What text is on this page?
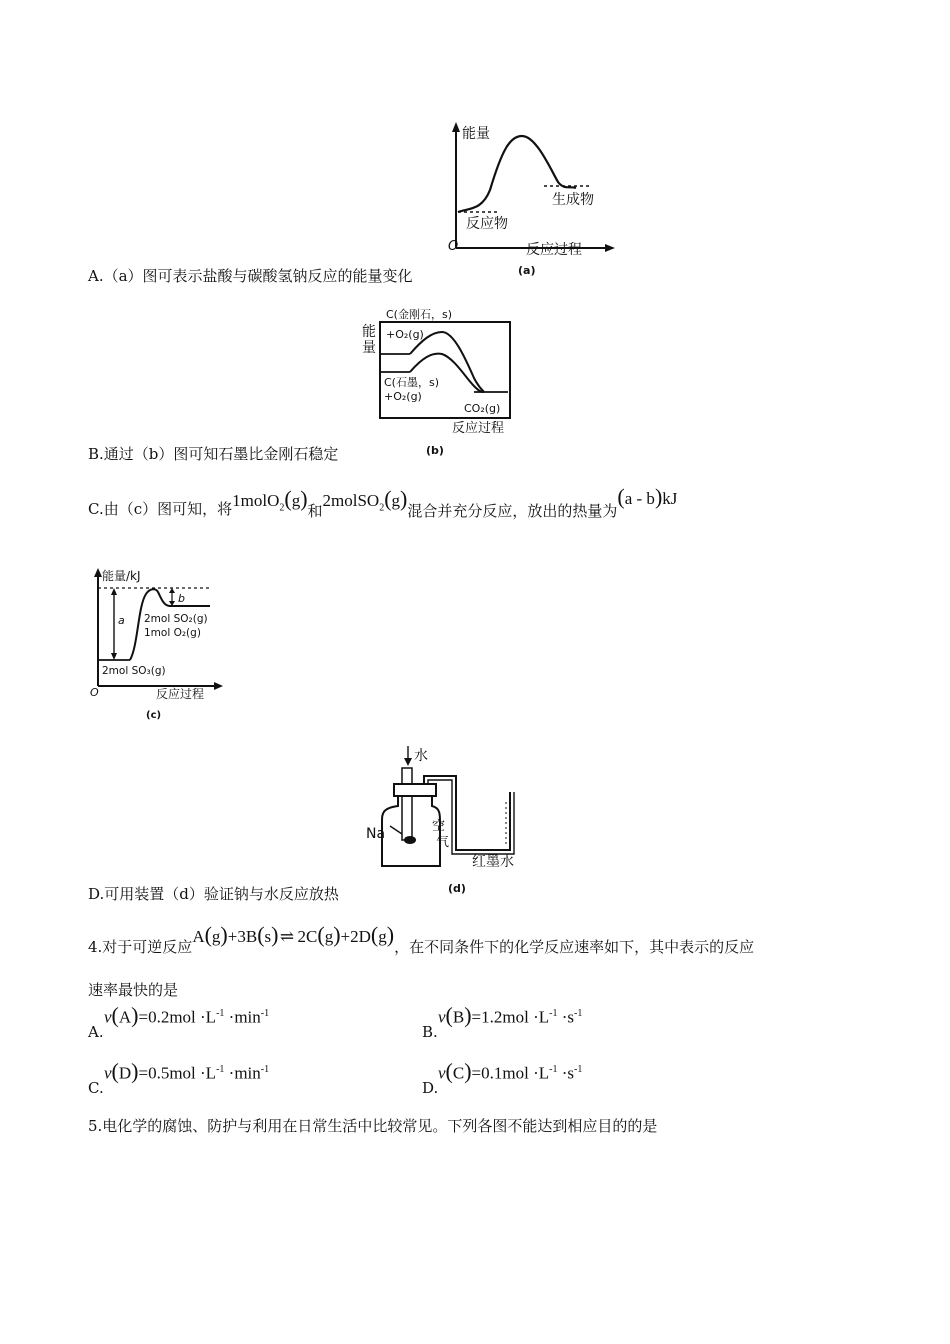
能量
生成物
反应物
O	反应过程
(a)
A.（a）图可表示盐酸与碳酸氢钠反应的能量变化
能
量
C(金刚石，s)
+O₂(g)
C(石墨，s)
+O₂(g)
CO₂(g)
反应过程
(b)
B.通过（b）图可知石墨比金刚石稳定
C.由（c）图可知，将1molO$_2$(g)和2molSO$_2$(g)混合并充分反应，放出的热量为(a - b)kJ
能量/kJ
a
b
2mol SO₂(g)
1mol O₂(g)
2mol SO₃(g)
O	反应过程
(c)
水
Na	空
气
红墨水
(d)
D.可用装置（d）验证钠与水反应放热
4.对于可逆反应A(g)+3B(s) ⇌  2C(g)+2D(g)，在不同条件下的化学反应速率如下，其中表示的反应
速率最快的是
A.
$v(A)=0.2mol \cdot L^{-1} \cdot\min^{-1}$
B.
$v(B)=1.2mol \cdot L^{-1} \cdot s^{-1}$
C.
$v(D)=0.5mol \cdot L^{-1} \cdot\min^{-1}$
D.
$v(C)=0.1mol \cdot L^{-1} \cdot s^{-1}$
5.电化学的腐蚀、防护与利用在日常生活中比较常见。下列各图不能达到相应目的的是
